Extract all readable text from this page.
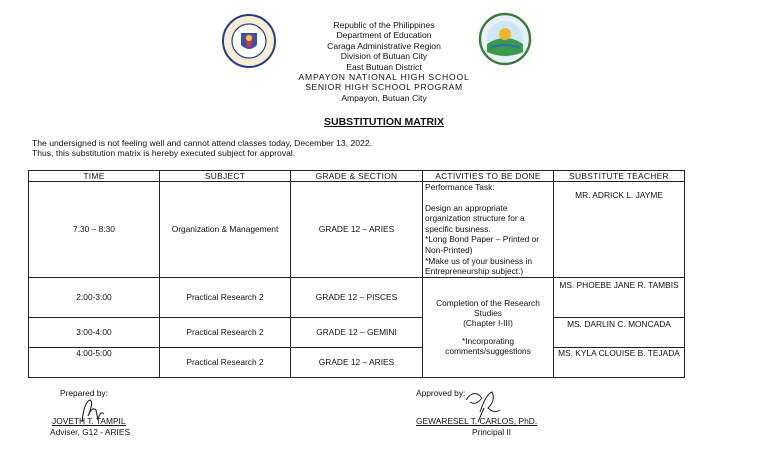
Republic of the Philippines
Department of Education
Caraga Administrative Region
Division of Butuan City
East Butuan District
AMPAYON NATIONAL HIGH SCHOOL
SENIOR HIGH SCHOOL PROGRAM
Ampayon, Butuan City
SUBSTITUTION MATRIX
The undersigned is not feeling well and cannot attend classes today, December 13, 2022.
Thus, this substitution matrix is hereby executed subject for approval.
TIME	SUBJECT	GRADE & SECTION	ACTIVITIES TO BE DONE	SUBSTITUTE TEACHER
7:30 – 8:30	Organization & Management	GRADE 12 – ARIES	Performance Task:
Design an appropriate organization structure for a specific business.
*Long Bond Paper – Printed or Non-Printed)
*Make us of your business in Entrepreneurship subject.)	MR. ADRICK L. JAYME
2:00-3:00	Practical Research 2	GRADE 12 – PISCES	Completion of the Research Studies
(Chapter I-III)
*Incorporating comments/suggestions	MS. PHOEBE JANE R. TAMBIS
3:00-4:00	Practical Research 2	GRADE 12 – GEMINI		MS. DARLIN C. MONCADA
4:00-5:00	Practical Research 2	GRADE 12 – ARIES		MS. KYLA CLOUISE B. TEJADA
Prepared by:
JOVETH T. TAMPIL
Adviser, G12 - ARIES
Approved by:
GEWARESEL T. CARLOS, PhD.
Principal II
